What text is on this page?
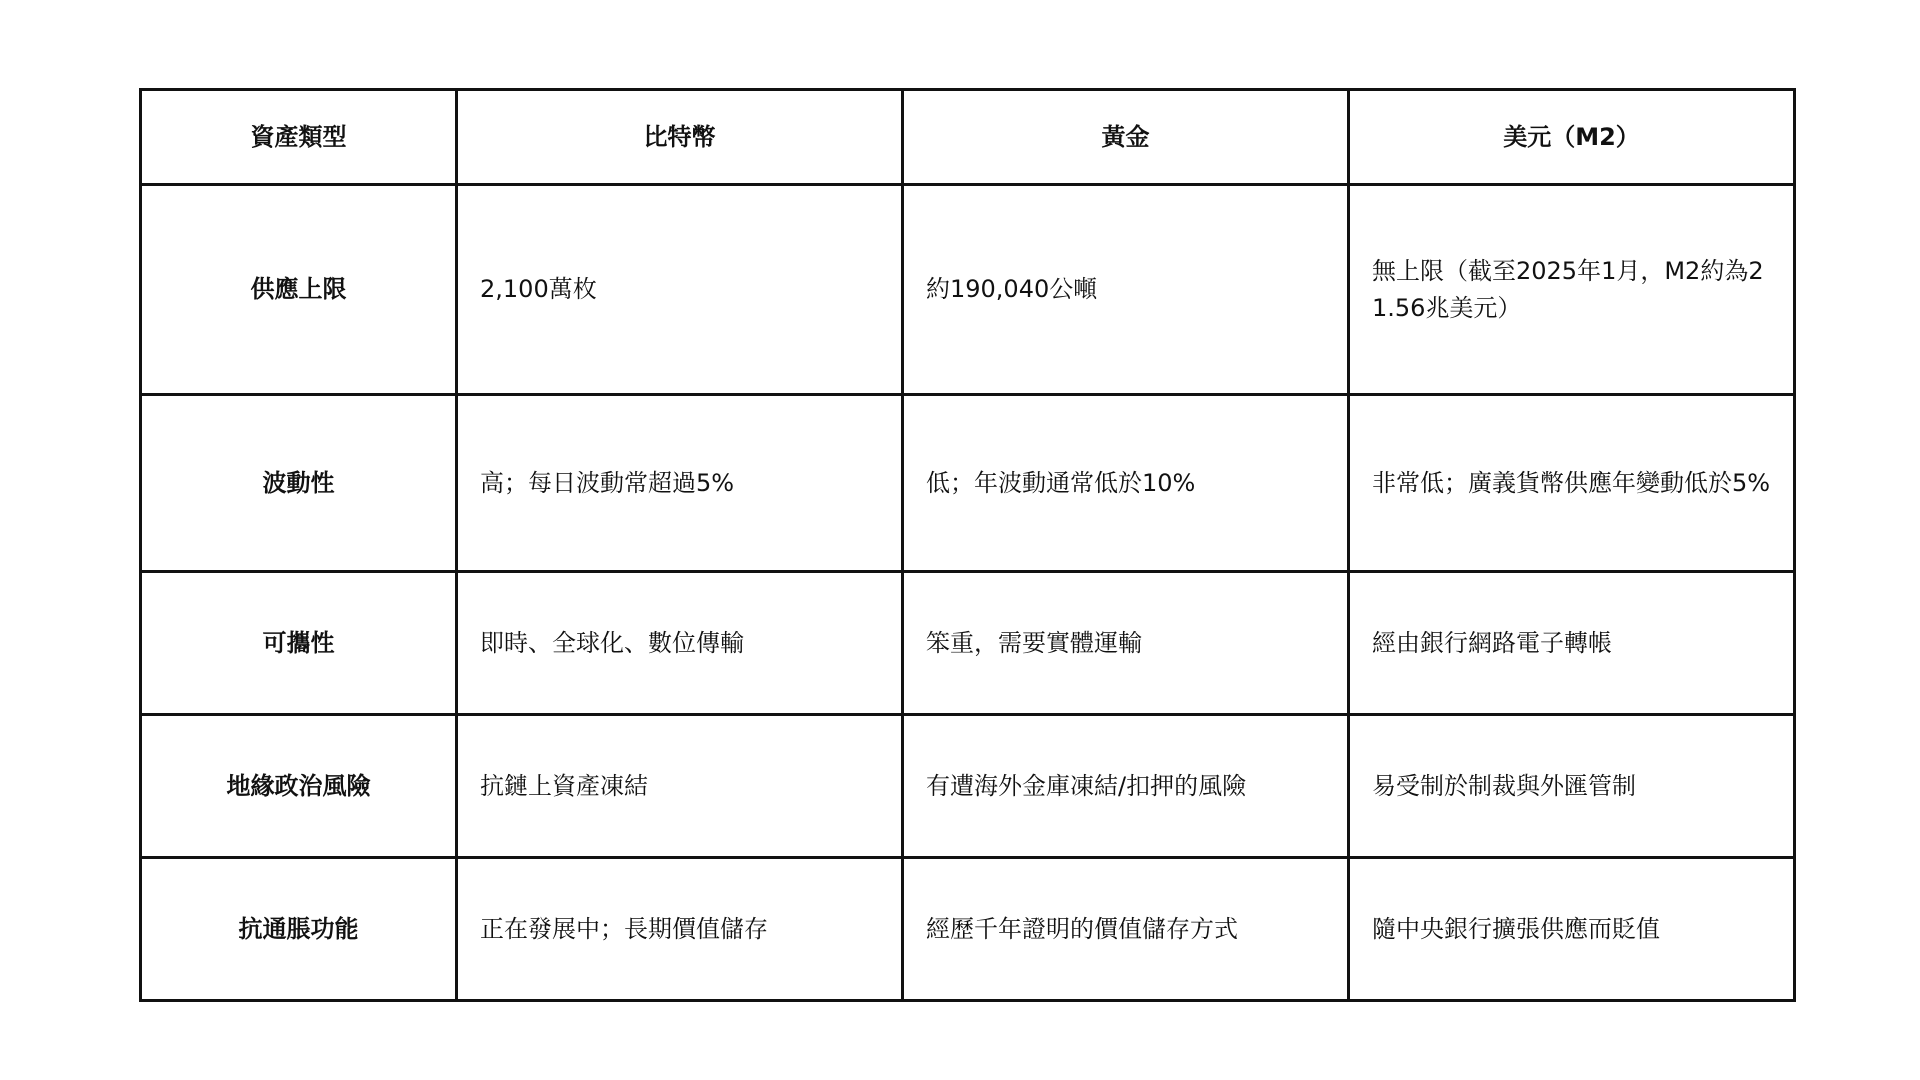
資產類型	比特幣	黃金	美元（M2）
供應上限	2,100萬枚	約190,040公噸	無上限（截至2025年1月，M2約為21.56兆美元）
波動性	高；每日波動常超過5%	低；年波動通常低於10%	非常低；廣義貨幣供應年變動低於5%
可攜性	即時、全球化、數位傳輸	笨重，需要實體運輸	經由銀行網路電子轉帳
地緣政治風險	抗鏈上資產凍結	有遭海外金庫凍結/扣押的風險	易受制於制裁與外匯管制
抗通脹功能	正在發展中；長期價值儲存	經歷千年證明的價值儲存方式	隨中央銀行擴張供應而貶值
